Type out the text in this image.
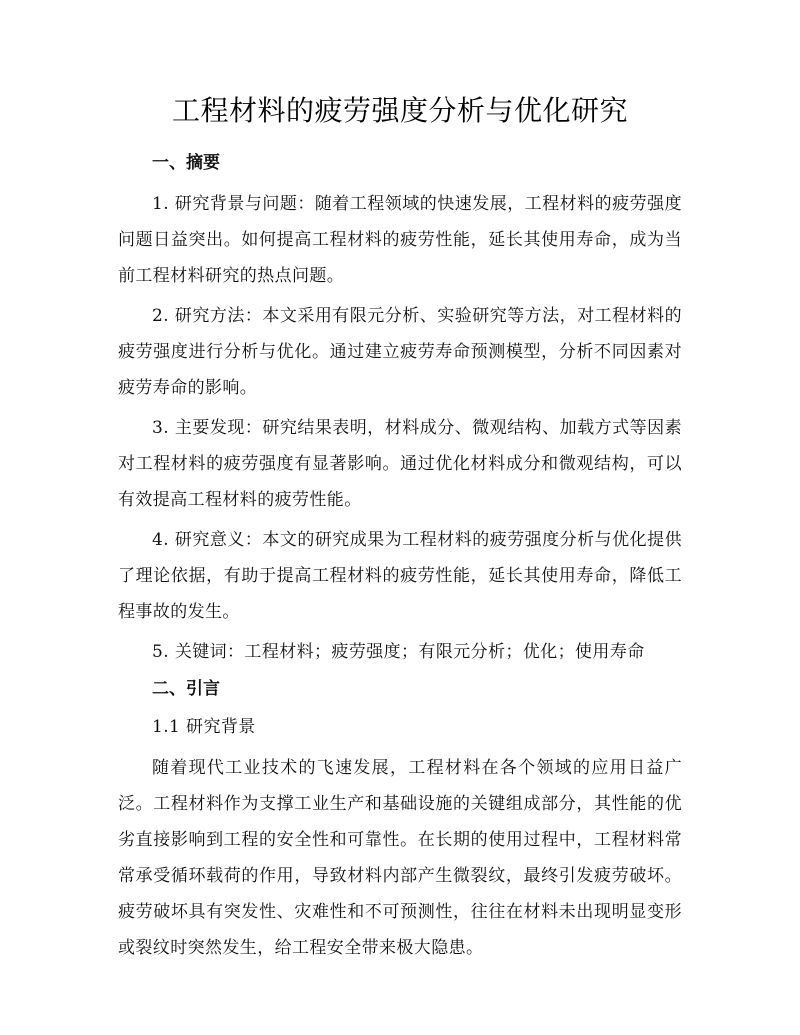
工程材料的疲劳强度分析与优化研究
一、摘要

1. 研究背景与问题：随着工程领域的快速发展，工程材料的疲劳强度问题日益突出。如何提高工程材料的疲劳性能，延长其使用寿命，成为当前工程材料研究的热点问题。

2. 研究方法：本文采用有限元分析、实验研究等方法，对工程材料的疲劳强度进行分析与优化。通过建立疲劳寿命预测模型，分析不同因素对疲劳寿命的影响。

3. 主要发现：研究结果表明，材料成分、微观结构、加载方式等因素对工程材料的疲劳强度有显著影响。通过优化材料成分和微观结构，可以有效提高工程材料的疲劳性能。

4. 研究意义：本文的研究成果为工程材料的疲劳强度分析与优化提供了理论依据，有助于提高工程材料的疲劳性能，延长其使用寿命，降低工程事故的发生。

5. 关键词：工程材料；疲劳强度；有限元分析；优化；使用寿命

二、引言
1.1 研究背景

随着现代工业技术的飞速发展，工程材料在各个领域的应用日益广泛。工程材料作为支撑工业生产和基础设施的关键组成部分，其性能的优劣直接影响到工程的安全性和可靠性。在长期的使用过程中，工程材料常常承受循环载荷的作用，导致材料内部产生微裂纹，最终引发疲劳破坏。疲劳破坏具有突发性、灾难性和不可预测性，往往在材料未出现明显变形或裂纹时突然发生，给工程安全带来极大隐患。
